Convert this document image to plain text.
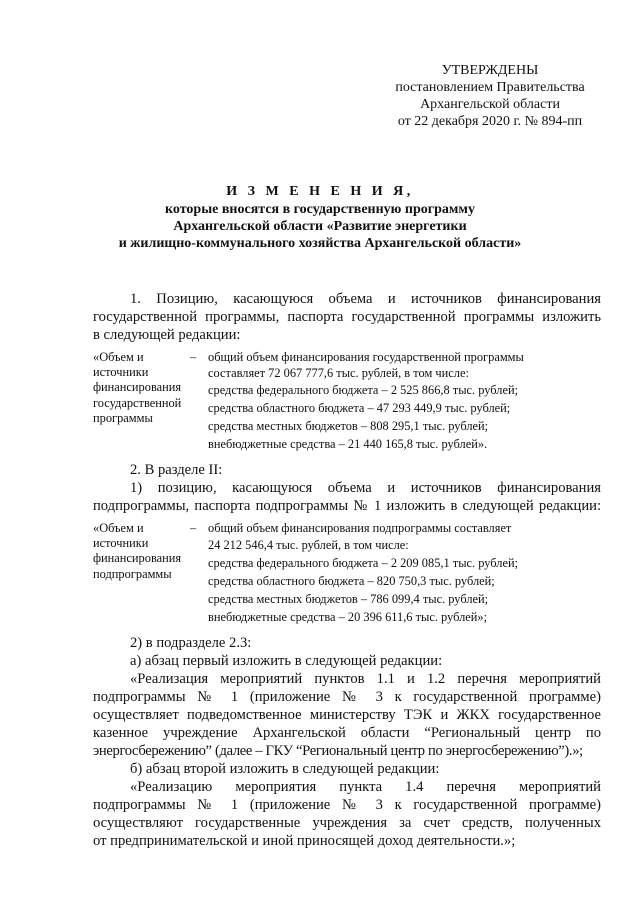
УТВЕРЖДЕНЫ
постановлением Правительства
Архангельской области
от 22 декабря 2020 г. № 894-пп
И З М Е Н Е Н И Я,
которые вносятся в государственную программу
Архангельской области «Развитие энергетики
и жилищно-коммунального хозяйства Архангельской области»
1. Позицию, касающуюся объема и источников финансирования
государственной программы, паспорта государственной программы изложить
в следующей редакции:
«Объем и источники финансирования государственной программы
– общий объем финансирования государственной программы
составляет 72 067 777,6 тыс. рублей, в том числе:
средства федерального бюджета – 2 525 866,8 тыс. рублей;
средства областного бюджета – 47 293 449,9 тыс. рублей;
средства местных бюджетов – 808 295,1 тыс. рублей;
внебюджетные средства – 21 440 165,8 тыс. рублей».
2. В разделе II:
1) позицию, касающуюся объема и источников финансирования
подпрограммы, паспорта подпрограммы № 1 изложить в следующей редакции:
«Объем и источники финансирования подпрограммы
– общий объем финансирования подпрограммы составляет
24 212 546,4 тыс. рублей, в том числе:
средства федерального бюджета – 2 209 085,1 тыс. рублей;
средства областного бюджета – 820 750,3 тыс. рублей;
средства местных бюджетов – 786 099,4 тыс. рублей;
внебюджетные средства – 20 396 611,6 тыс. рублей»;
2) в подразделе 2.3:
а) абзац первый изложить в следующей редакции:
«Реализация мероприятий пунктов 1.1 и 1.2 перечня мероприятий
подпрограммы № 1 (приложение № 3 к государственной программе)
осуществляет подведомственное министерству ТЭК и ЖКХ государственное
казенное учреждение Архангельской области “Региональный центр по
энергосбережению” (далее – ГКУ “Региональный центр по энергосбережению”).»;
б) абзац второй изложить в следующей редакции:
«Реализацию мероприятия пункта 1.4 перечня мероприятий
подпрограммы № 1 (приложение № 3 к государственной программе)
осуществляют государственные учреждения за счет средств, полученных
от предпринимательской и иной приносящей доход деятельности.»;
